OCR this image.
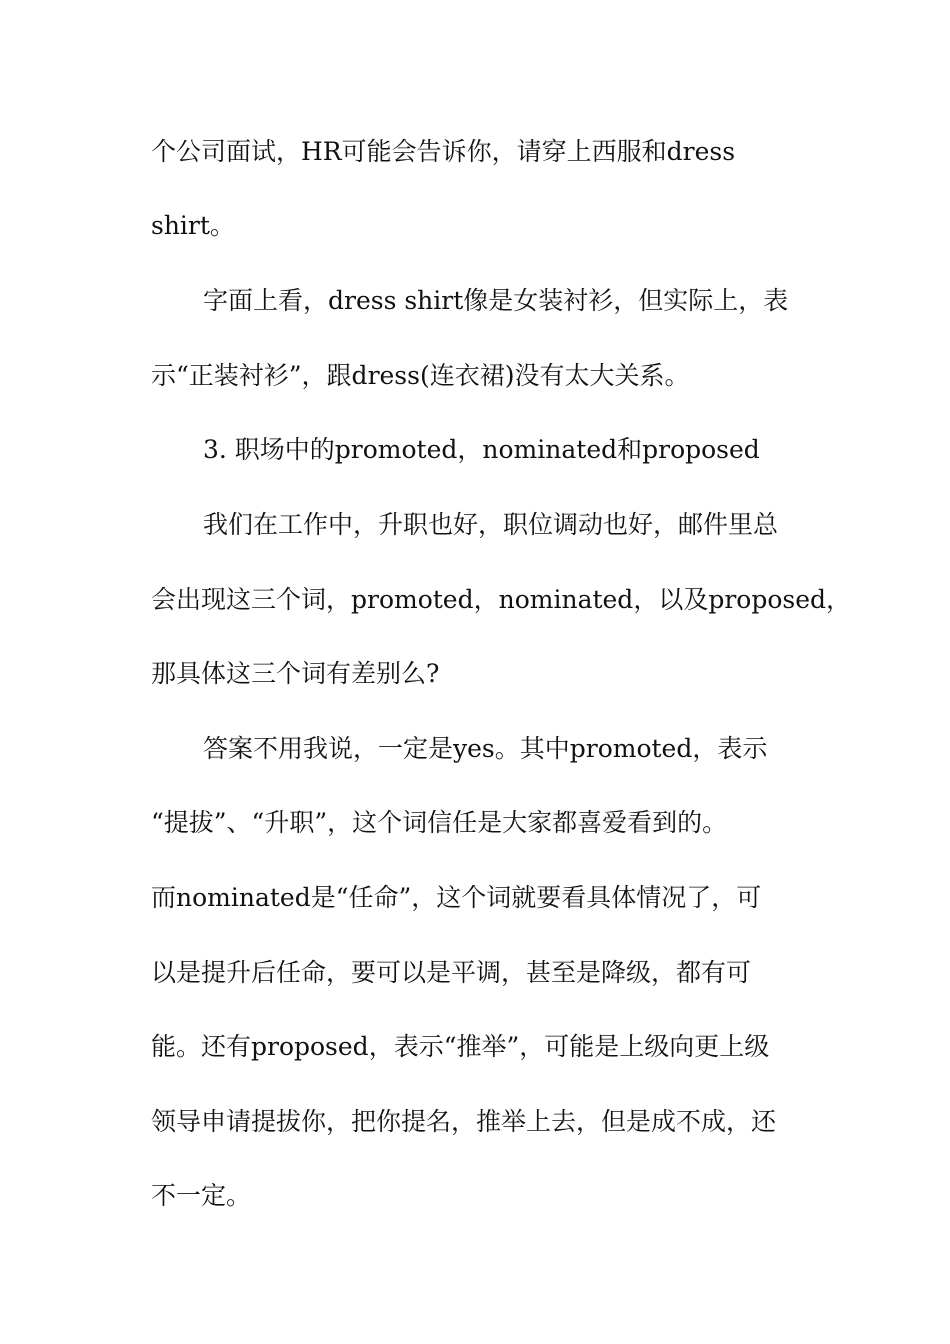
个公司面试，HR可能会告诉你，请穿上西服和dress
shirt。
字面上看，dress shirt像是女装衬衫，但实际上，表
示“正装衬衫”，跟dress(连衣裙)没有太大关系。
3. 职场中的promoted，nominated和proposed
我们在工作中，升职也好，职位调动也好，邮件里总
会出现这三个词，promoted，nominated，以及proposed，
那具体这三个词有差别么?
答案不用我说，一定是yes。其中promoted，表示
“提拔”、“升职”，这个词信任是大家都喜爱看到的。
而nominated是“任命”，这个词就要看具体情况了，可
以是提升后任命，要可以是平调，甚至是降级，都有可
能。还有proposed，表示“推举”，可能是上级向更上级
领导申请提拔你，把你提名，推举上去，但是成不成，还
不一定。
